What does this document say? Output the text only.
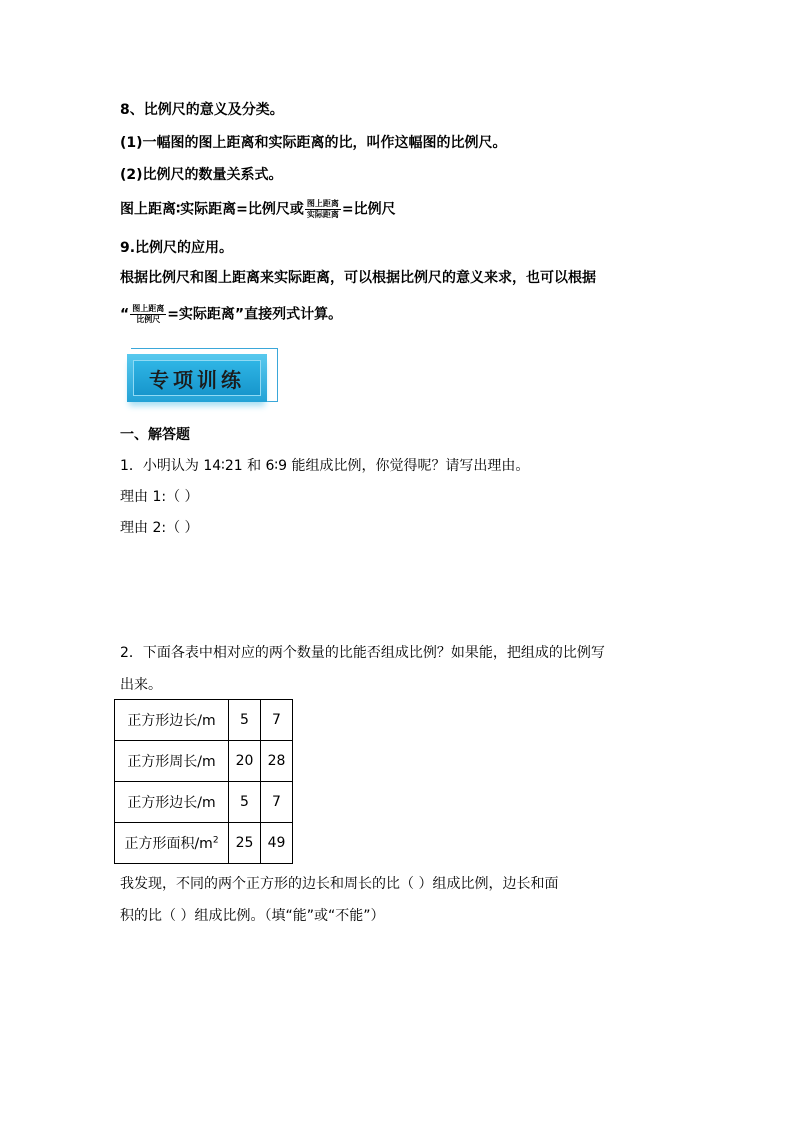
8、比例尺的意义及分类。
(1)一幅图的图上距离和实际距离的比，叫作这幅图的比例尺。
(2)比例尺的数量关系式。
图上距离∶实际距离=比例尺或 $\frac{\text{图上距离}}{\text{实际距离}}$ =比例尺
9.比例尺的应用。
根据比例尺和图上距离来实际距离，可以根据比例尺的意义来求，也可以根据
“ $\frac{\text{图上距离}}{\text{比例尺}}$ =实际距离”直接列式计算。
专项训练
一、解答题
1．小明认为 14∶21 和 6∶9 能组成比例，你觉得呢？请写出理由。
理由 1:（ ）
理由 2:（ ）
2．下面各表中相对应的两个数量的比能否组成比例？如果能，把组成的比例写
出来。
正方形边长/m	5	7
正方形周长/m	20	28
正方形边长/m	5	7
正方形面积$/m^2$	25	49
我发现，不同的两个正方形的边长和周长的比（ ）组成比例，边长和面
积的比（ ）组成比例。（填“能”或“不能”）
